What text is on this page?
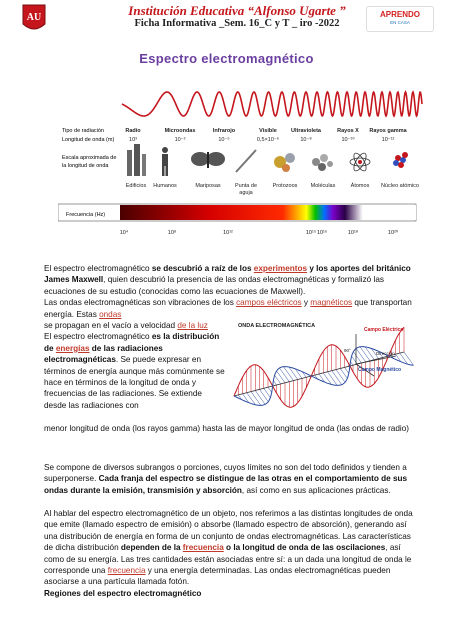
AU	Institución Educativa “Alfonso Ugarte ”
Ficha Informativa _Sem. 16_C y T _ iro -2022
APRENDO
EN CASA
Espectro electromagnético
Tipo de radiación
Longitud de onda (m)
Escala aproximada de
la longitud de onda
Frecuencia (Hz)
Radio	Microondas	Infrarojo	Visible	Ultravioleta	Rayos X Rayos gamma
10³	10⁻²	10⁻⁵	0,5×10⁻⁶	10⁻⁸	10⁻¹⁰	10⁻¹²
Edificios Humanos	Mariposas	Punta de
aguja
Protozoos Moléculas	Átomos Núcleo atómico
10⁴	10⁸	10¹²	10¹⁵ 10¹⁶	10¹⁸	10²⁰
El espectro electromagnético se descubrió a raíz de los experimentos y los aportes del británico James Maxwell, quien descubrió la presencia de las ondas electromagnéticas y formalizó las ecuaciones de su estudio (conocidas como las ecuaciones de Maxwell).
Las ondas electromagnéticas son vibraciones de los campos eléctricos y magnéticos que transportan energía. Estas ondas
se propagan en el vacío a velocidad de la luz
El espectro electromagnético es la distribución de energías de las radiaciones electromagnéticas. Se puede expresar en términos de energía aunque más comúnmente se hace en términos de la longitud de onda y frecuencias de las radiaciones. Se extiende desde las radiaciones con
ONDA ELECTROMAGNÉTICA
90°
Campo Eléctrico
Dirección
Campo Magnético
menor longitud de onda (los rayos gamma) hasta las de mayor longitud de onda (las ondas de radio)
Se compone de diversos subrangos o porciones, cuyos límites no son del todo definidos y tienden a superponerse. Cada franja del espectro se distingue de las otras en el comportamiento de sus ondas durante la emisión, transmisión y absorción, así como en sus aplicaciones prácticas.
Al hablar del espectro electromagnético de un objeto, nos referimos a las distintas longitudes de onda que emite (llamado espectro de emisión) o absorbe (llamado espectro de absorción), generando así una distribución de energía en forma de un conjunto de ondas electromagnéticas. Las características de dicha distribución dependen de la frecuencia o la longitud de onda de las oscilaciones, así como de su energía. Las tres cantidades están asociadas entre sí: a un dada una longitud de onda le corresponde una frecuencia y una energía determinadas. Las ondas electromagnéticas pueden asociarse a una partícula llamada fotón.
Regiones del espectro electromagnético
